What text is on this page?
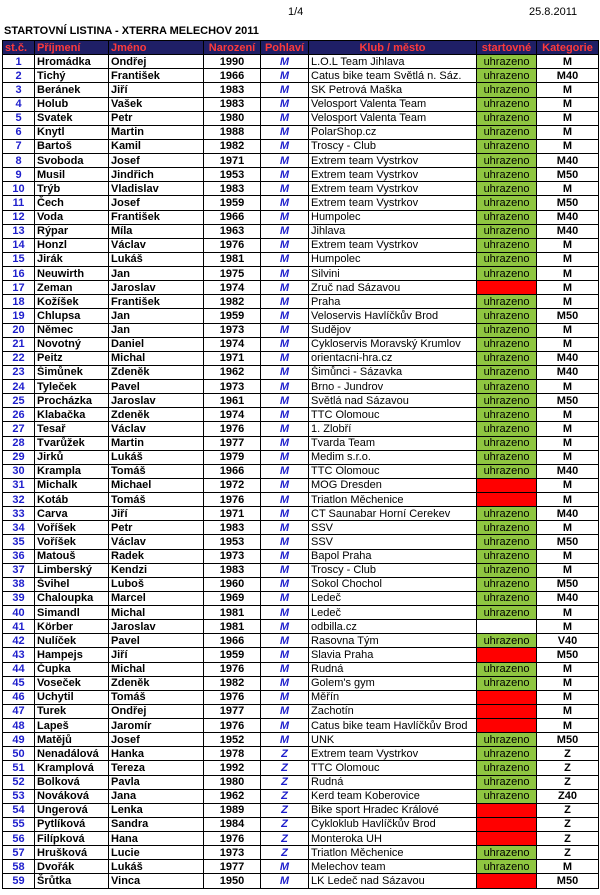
1/4	25.8.2011
STARTOVNÍ LISTINA - XTERRA MELECHOV 2011
st.č.	Příjmení	Jméno	Narození	Pohlaví	Klub / město	startovné	Kategorie
1	Hromádka	Ondřej	1990	M	L.O.L Team Jihlava	uhrazeno	M
2	Tichý	František	1966	M	Catus bike team Světlá n. Sáz.	uhrazeno	M40
3	Beránek	Jiří	1983	M	SK Petrová Maška	uhrazeno	M
4	Holub	Vašek	1983	M	Velosport Valenta Team	uhrazeno	M
5	Svatek	Petr	1980	M	Velosport Valenta Team	uhrazeno	M
6	Knytl	Martin	1988	M	PolarShop.cz	uhrazeno	M
7	Bartoš	Kamil	1982	M	Troscy - Club	uhrazeno	M
8	Svoboda	Josef	1971	M	Extrem team Vystrkov	uhrazeno	M40
9	Musil	Jindřich	1953	M	Extrem team Vystrkov	uhrazeno	M50
10	Trýb	Vladislav	1983	M	Extrem team Vystrkov	uhrazeno	M
11	Čech	Josef	1959	M	Extrem team Vystrkov	uhrazeno	M50
12	Voda	František	1966	M	Humpolec	uhrazeno	M40
13	Rýpar	Míla	1963	M	Jihlava	uhrazeno	M40
14	Honzl	Václav	1976	M	Extrem team Vystrkov	uhrazeno	M
15	Jirák	Lukáš	1981	M	Humpolec	uhrazeno	M
16	Neuwirth	Jan	1975	M	Silvini	uhrazeno	M
17	Zeman	Jaroslav	1974	M	Zruč nad Sázavou		M
18	Kožíšek	František	1982	M	Praha	uhrazeno	M
19	Chlupsa	Jan	1959	M	Veloservis Havlíčkův Brod	uhrazeno	M50
20	Němec	Jan	1973	M	Sudějov	uhrazeno	M
21	Novotný	Daniel	1974	M	Cykloservis Moravský Krumlov	uhrazeno	M
22	Peitz	Michal	1971	M	orientacni-hra.cz	uhrazeno	M40
23	Šimůnek	Zdeněk	1962	M	Šimůnci - Sázavka	uhrazeno	M40
24	Tyleček	Pavel	1973	M	Brno - Jundrov	uhrazeno	M
25	Procházka	Jaroslav	1961	M	Světlá nad Sázavou	uhrazeno	M50
26	Klabačka	Zdeněk	1974	M	TTC Olomouc	uhrazeno	M
27	Tesař	Václav	1976	M	1. Zlobří	uhrazeno	M
28	Tvarůžek	Martin	1977	M	Tvarda Team	uhrazeno	M
29	Jirků	Lukáš	1979	M	Medim s.r.o.	uhrazeno	M
30	Krampla	Tomáš	1966	M	TTC Olomouc	uhrazeno	M40
31	Michalk	Michael	1972	M	MOG Dresden		M
32	Kotáb	Tomáš	1976	M	Triatlon Měchenice		M
33	Carva	Jiří	1971	M	CT Saunabar Horní Cerekev	uhrazeno	M40
34	Voříšek	Petr	1983	M	SSV	uhrazeno	M
35	Voříšek	Václav	1953	M	SSV	uhrazeno	M50
36	Matouš	Radek	1973	M	Bapol Praha	uhrazeno	M
37	Limberský	Kendzi	1983	M	Troscy - Club	uhrazeno	M
38	Švihel	Luboš	1960	M	Sokol Chochol	uhrazeno	M50
39	Chaloupka	Marcel	1969	M	Ledeč	uhrazeno	M40
40	Simandl	Michal	1981	M	Ledeč	uhrazeno	M
41	Körber	Jaroslav	1981	M	odbilla.cz		M
42	Nulíček	Pavel	1966	M	Rasovna Tým	uhrazeno	V40
43	Hampejs	Jiří	1959	M	Slavia Praha		M50
44	Čupka	Michal	1976	M	Rudná	uhrazeno	M
45	Voseček	Zdeněk	1982	M	Golem's gym	uhrazeno	M
46	Uchytil	Tomáš	1976	M	Měřín		M
47	Turek	Ondřej	1977	M	Zachotín		M
48	Lapeš	Jaromír	1976	M	Catus bike team Havlíčkův Brod		M
49	Matějů	Josef	1952	M	UNK	uhrazeno	M50
50	Nenadálová	Hanka	1978	Z	Extrem team Vystrkov	uhrazeno	Z
51	Kramplová	Tereza	1992	Z	TTC Olomouc	uhrazeno	Z
52	Bolková	Pavla	1980	Z	Rudná	uhrazeno	Z
53	Nováková	Jana	1962	Z	Kerd team Koberovice	uhrazeno	Z40
54	Ungerová	Lenka	1989	Z	Bike sport Hradec Králové		Z
55	Pytlíková	Sandra	1984	Z	Cykloklub Havlíčkův Brod		Z
56	Filípková	Hana	1976	Z	Monteroka UH		Z
57	Hrušková	Lucie	1973	Z	Triatlon Měchenice	uhrazeno	Z
58	Dvořák	Lukáš	1977	M	Melechov team	uhrazeno	M
59	Šrůtka	Vinca	1950	M	LK Ledeč nad Sázavou		M50
